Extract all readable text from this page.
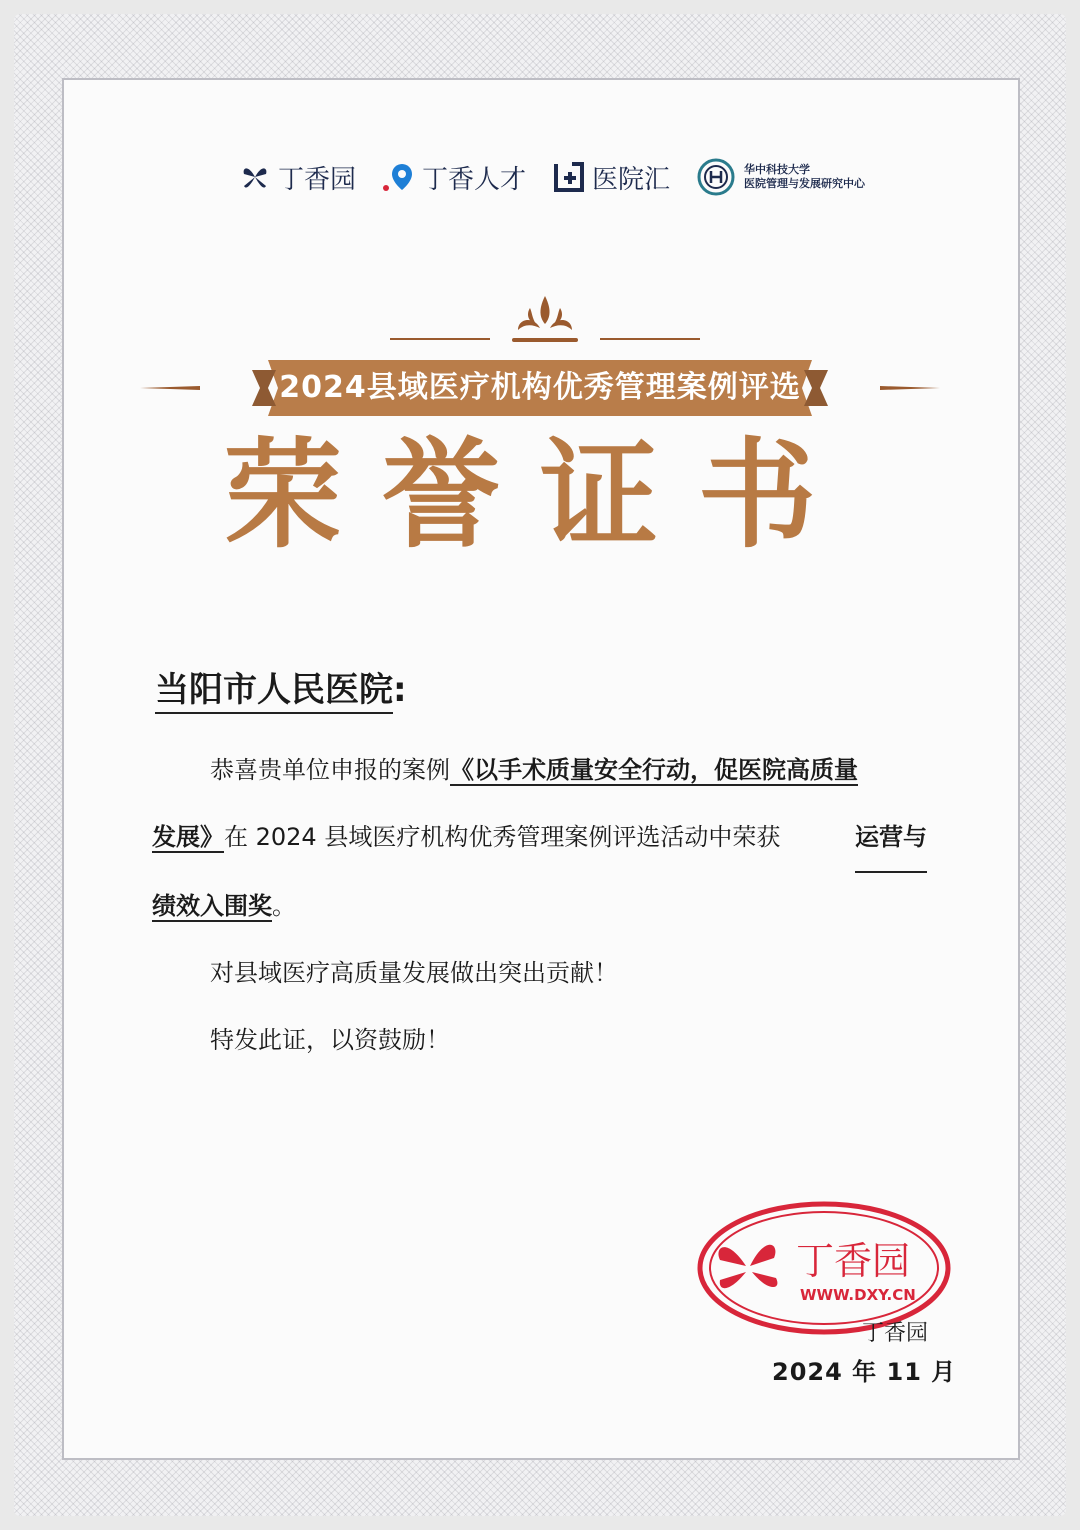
丁香园	丁香人才	医院汇	华中科技大学
医院管理与发展研究中心
2024县域医疗机构优秀管理案例评选
荣誉证书
当阳市人民医院:

恭喜贵单位申报的案例《以手术质量安全行动，促医院高质量

发展》在 2024 县域医疗机构优秀管理案例评选活动中荣获	运营与

绩效入围奖。

对县域医疗高质量发展做出突出贡献！

特发此证，以资鼓励！

丁香园
WWW.DXY.CN
丁香园
2024 年 11 月
